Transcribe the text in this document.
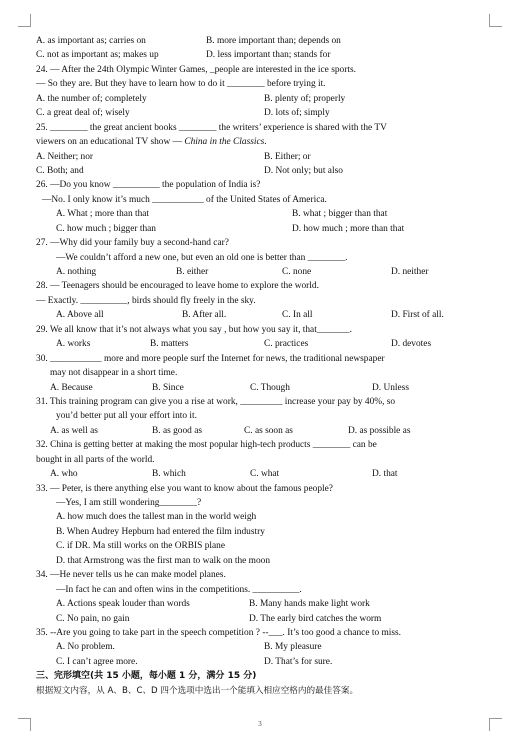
A. as important as; carries on	B. more important than; depends on
C. not as important as; makes up	D. less important than; stands for
24. — After the 24th Olympic Winter Games, _people are interested in the ice sports.
— So they are. But they have to learn how to do it ________ before trying it.
A. the number of; completely	B. plenty of; properly
C. a great deal of; wisely	D. lots of; simply
25. ________ the great ancient books ________ the writers’ experience is shared with the TV
viewers on an educational TV show — China in the Classics.
A. Neither; nor	B. Either; or
C. Both; and	D. Not only; but also
26. —Do you know __________ the population of India is?
—No. I only know it’s much ___________ of the United States of America.
A. What ; more than that	B. what ; bigger than that
C. how much ; bigger than	D. how much ; more than that
27. —Why did your family buy a second-hand car?
—We couldn’t afford a new one, but even an old one is better than ________.
A. nothing	B. either	C. none	D. neither
28. — Teenagers should be encouraged to leave home to explore the world.
— Exactly. __________, birds should fly freely in the sky.
A. Above all	B. After all.	C. In all	D. First of all.
29. We all know that it’s not always what you say , but how you say it, that_______.
A. works	B. matters	C. practices	D. devotes
30. ___________ more and more people surf the Internet for news, the traditional newspaper
may not disappear in a short time.
A. Because	B. Since	C. Though	D. Unless
31. This training program can give you a rise at work, _________ increase your pay by 40%, so
you’d better put all your effort into it.
A. as well as	B. as good as	C. as soon as	D. as possible as
32. China is getting better at making the most popular high-tech products ________ can be
bought in all parts of the world.
A. who	B. which	C. what	D. that
33. — Peter, is there anything else you want to know about the famous people?
—Yes, I am still wondering________?
A. how much does the tallest man in the world weigh
B. When Audrey Hepburn had entered the film industry
C. if DR. Ma still works on the ORBIS plane
D. that Armstrong was the first man to walk on the moon
34. —He never tells us he can make model planes.
—In fact he can and often wins in the competitions. __________.
A. Actions speak louder than words	B. Many hands make light work
C. No pain, no gain	D. The early bird catches the worm
35. --Are you going to take part in the speech competition ? --___. It’s too good a chance to miss.
A. No problem.	B. My pleasure
C. I can’t agree more.	D. That’s for sure.
三、完形填空(共 15 小题，每小题 1 分，满分 15 分)
根据短文内容，从 A、B、C、D 四个选项中选出一个能填入相应空格内的最佳答案。
3
